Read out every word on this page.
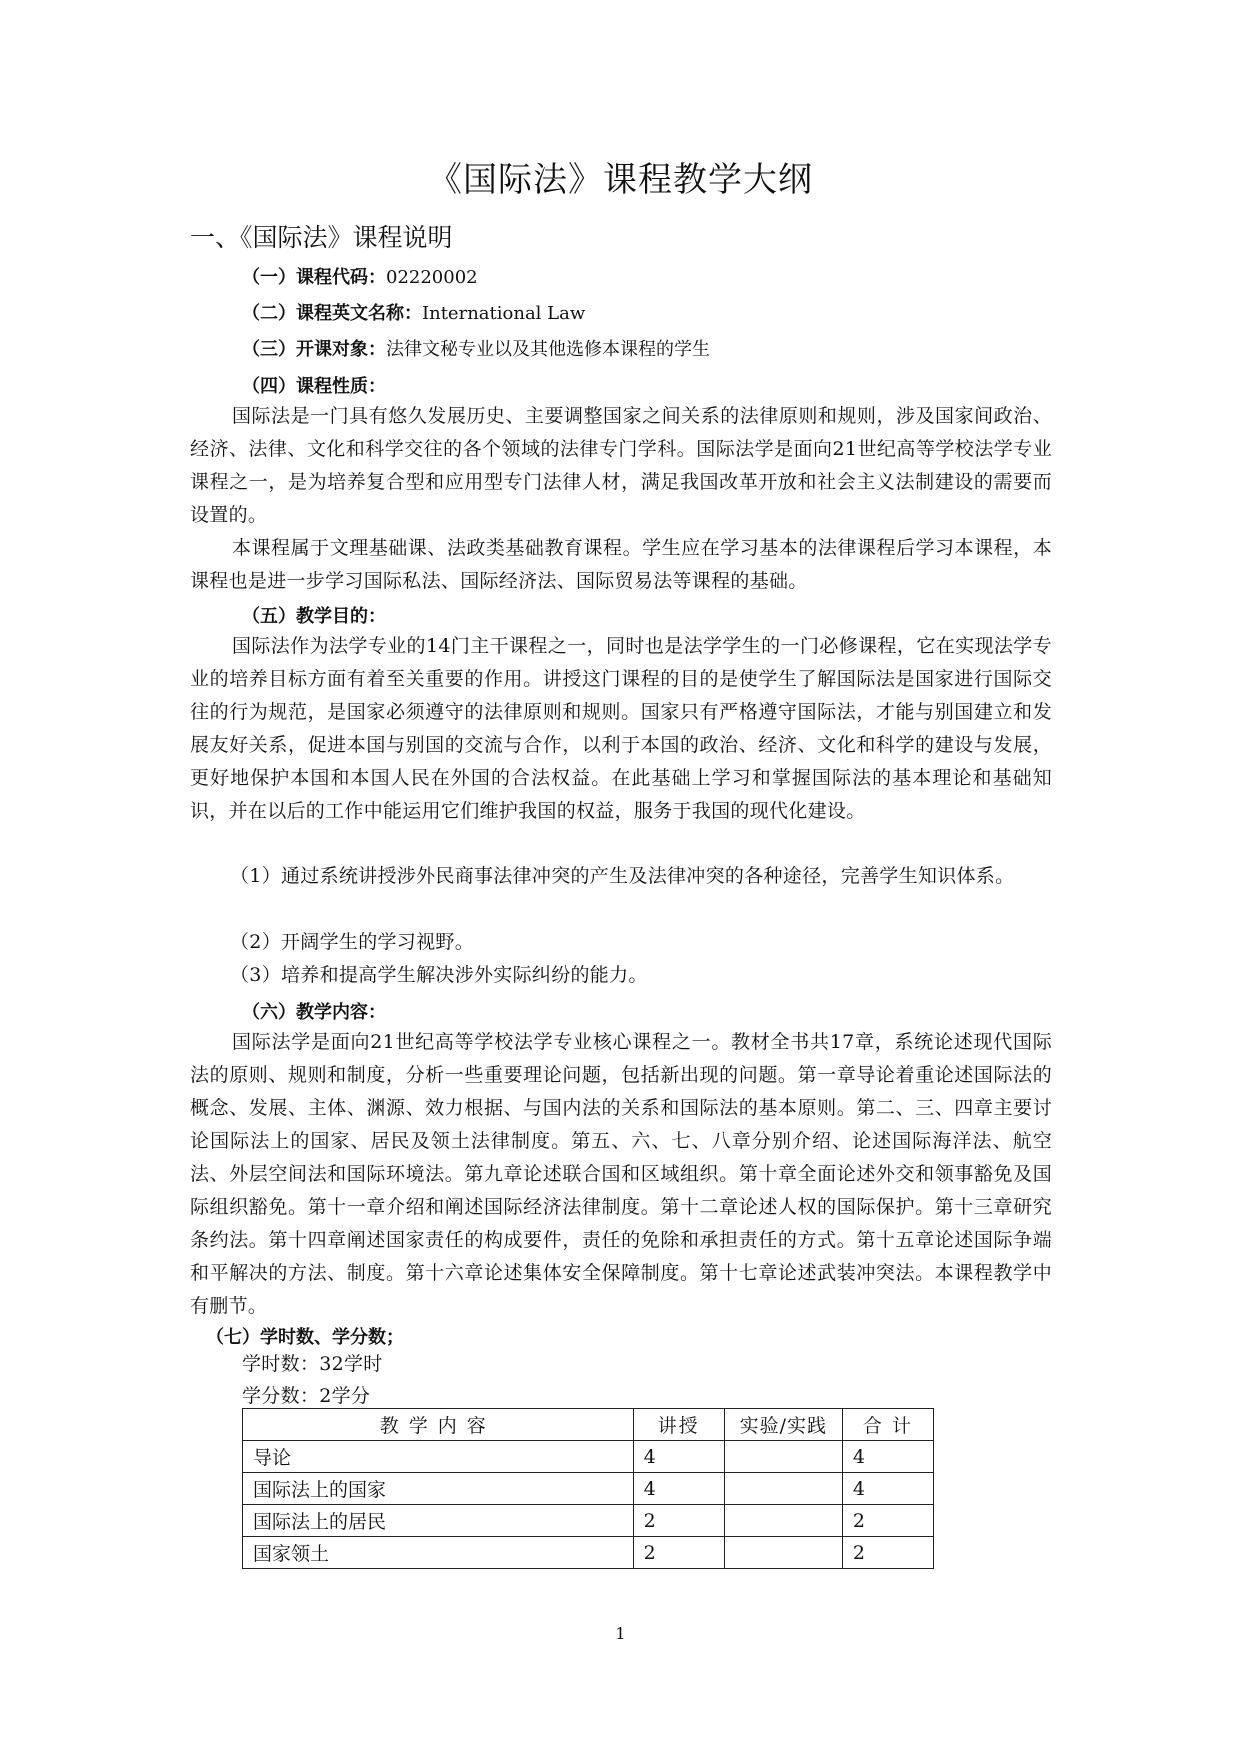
《国际法》课程教学大纲
一、《国际法》课程说明
（一）课程代码：02220002
（二）课程英文名称：International Law
（三）开课对象：法律文秘专业以及其他选修本课程的学生
（四）课程性质：
国际法是一门具有悠久发展历史、主要调整国家之间关系的法律原则和规则，涉及国家间政治、经济、法律、文化和科学交往的各个领域的法律专门学科。国际法学是面向21世纪高等学校法学专业课程之一，是为培养复合型和应用型专门法律人材，满足我国改革开放和社会主义法制建设的需要而设置的。
本课程属于文理基础课、法政类基础教育课程。学生应在学习基本的法律课程后学习本课程，本课程也是进一步学习国际私法、国际经济法、国际贸易法等课程的基础。
（五）教学目的：
国际法作为法学专业的14门主干课程之一，同时也是法学学生的一门必修课程，它在实现法学专业的培养目标方面有着至关重要的作用。讲授这门课程的目的是使学生了解国际法是国家进行国际交往的行为规范，是国家必须遵守的法律原则和规则。国家只有严格遵守国际法，才能与别国建立和发展友好关系，促进本国与别国的交流与合作，以利于本国的政治、经济、文化和科学的建设与发展，更好地保护本国和本国人民在外国的合法权益。在此基础上学习和掌握国际法的基本理论和基础知识，并在以后的工作中能运用它们维护我国的权益，服务于我国的现代化建设。
（1）通过系统讲授涉外民商事法律冲突的产生及法律冲突的各种途径，完善学生知识体系。
（2）开阔学生的学习视野。
（3）培养和提高学生解决涉外实际纠纷的能力。
（六）教学内容：
国际法学是面向21世纪高等学校法学专业核心课程之一。教材全书共17章，系统论述现代国际法的原则、规则和制度，分析一些重要理论问题，包括新出现的问题。第一章导论着重论述国际法的概念、发展、主体、渊源、效力根据、与国内法的关系和国际法的基本原则。第二、三、四章主要讨论国际法上的国家、居民及领土法律制度。第五、六、七、八章分别介绍、论述国际海洋法、航空法、外层空间法和国际环境法。第九章论述联合国和区域组织。第十章全面论述外交和领事豁免及国际组织豁免。第十一章介绍和阐述国际经济法律制度。第十二章论述人权的国际保护。第十三章研究条约法。第十四章阐述国家责任的构成要件，责任的免除和承担责任的方式。第十五章论述国际争端和平解决的方法、制度。第十六章论述集体安全保障制度。第十七章论述武装冲突法。本课程教学中有删节。
（七）学时数、学分数；
学时数：32学时
学分数：2学分
教学内容	讲授	实验/实践	合 计
导论	4		4
国际法上的国家	4		4
国际法上的居民	2		2
国家领土	2		2
1
